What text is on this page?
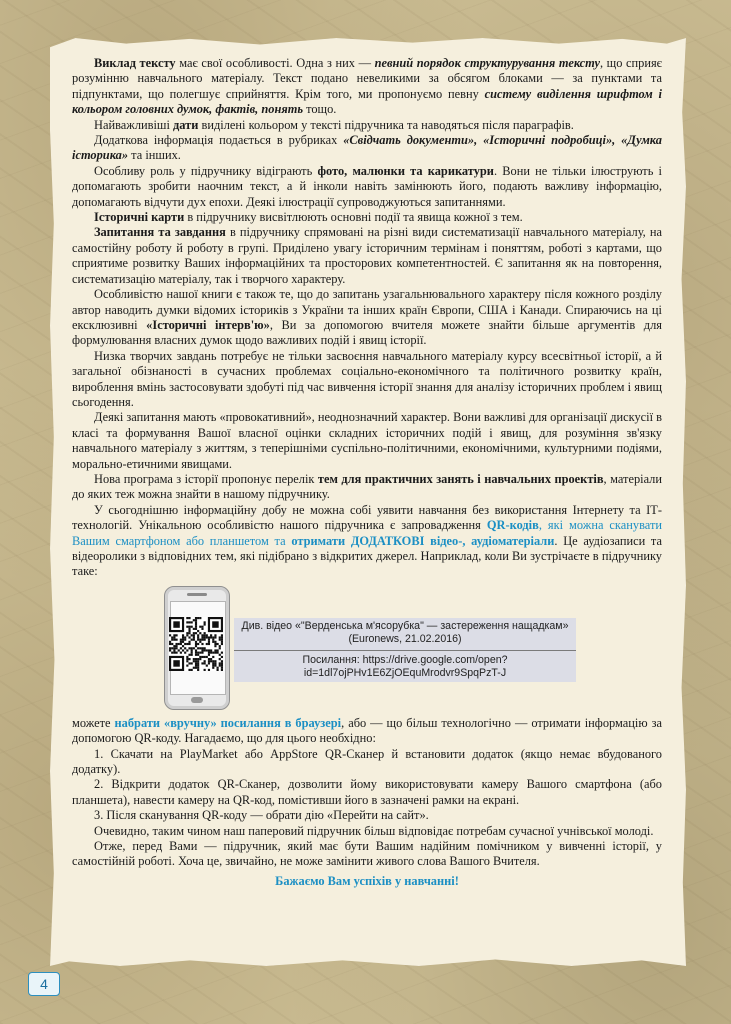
Виклад тексту має свої особливості. Одна з них — певний порядок структурування тексту, що сприяє розумінню навчального матеріалу. Текст подано невеликими за обсягом блоками — за пунктами та підпунктами, що полегшує сприйняття. Крім того, ми пропонуємо певну систему виділення шрифтом і кольором головних думок, фактів, понять тощо.

Найважливіші дати виділені кольором у тексті підручника та наводяться після параграфів.

Додаткова інформація подається в рубриках «Свідчать документи», «Історичні подробиці», «Думка історика» та інших.

Особливу роль у підручнику відіграють фото, малюнки та карикатури. Вони не тільки ілюструють і допомагають зробити наочним текст, а й інколи навіть замінюють його, подають важливу інформацію, допомагають відчути дух епохи. Деякі ілюстрації супроводжуються запитаннями.

Історичні карти в підручнику висвітлюють основні події та явища кожної з тем.

Запитання та завдання в підручнику спрямовані на різні види систематизації навчального матеріалу, на самостійну роботу й роботу в групі. Приділено увагу історичним термінам і поняттям, роботі з картами, що сприятиме розвитку Ваших інформаційних та просторових компетентностей. Є запитання як на повторення, систематизацію матеріалу, так і творчого характеру.

Особливістю нашої книги є також те, що до запитань узагальнювального характеру після кожного розділу автор наводить думки відомих істориків з України та інших країн Європи, США і Канади. Спираючись на ці ексклюзивні «Історичні інтерв'ю», Ви за допомогою вчителя можете знайти більше аргументів для формулювання власних думок щодо важливих подій і явищ історії.

Низка творчих завдань потребує не тільки засвоєння навчального матеріалу курсу всесвітньої історії, а й загальної обізнаності в сучасних проблемах соціально-економічного та політичного розвитку країн, вироблення вмінь застосовувати здобуті під час вивчення історії знання для аналізу історичних проблем і явищ сьогодення.

Деякі запитання мають «провокативний», неоднозначний характер. Вони важливі для організації дискусії в класі та формування Вашої власної оцінки складних історичних подій і явищ, для розуміння зв'язку навчального матеріалу з життям, з теперішніми суспільно-політичними, економічними, культурними подіями, морально-етичними явищами.

Нова програма з історії пропонує перелік тем для практичних занять і навчальних проектів, матеріали до яких теж можна знайти в нашому підручнику.

У сьогоднішню інформаційну добу не можна собі уявити навчання без використання Інтернету та ІТ-технологій. Унікальною особливістю нашого підручника є запровадження QR-кодів, які можна сканувати Вашим смартфоном або планшетом та отримати ДОДАТКОВІ відео-, аудіоматеріали. Це аудіозаписи та відеоролики з відповідних тем, які підібрано з відкритих джерел. Наприклад, коли Ви зустрічаєте в підручнику таке:

Див. відео «"Верденська м'ясорубка" — застереження нащадкам» (Euronews, 21.02.2016)
Посилання: https://drive.google.com/open?id=1dl7ojPHv1E6ZjOEquMrodvr9SpqPzT-J

можете набрати «вручну» посилання в браузері, або — що більш технологічно — отримати інформацію за допомогою QR-коду. Нагадаємо, що для цього необхідно:

1. Скачати на PlayMarket або AppStore QR-Сканер й встановити додаток (якщо немає вбудованого додатку).

2. Відкрити додаток QR-Сканер, дозволити йому використовувати камеру Вашого смартфона (або планшета), навести камеру на QR-код, помістивши його в зазначені рамки на екрані.

3. Після сканування QR-коду — обрати дію «Перейти на сайт».

Очевидно, таким чином наш паперовий підручник більш відповідає потребам сучасної учнівської молоді.

Отже, перед Вами — підручник, який має бути Вашим надійним помічником у вивченні історії, у самостійній роботі. Хоча це, звичайно, не може замінити живого слова Вашого Вчителя.

Бажаємо Вам успіхів у навчанні!

4
